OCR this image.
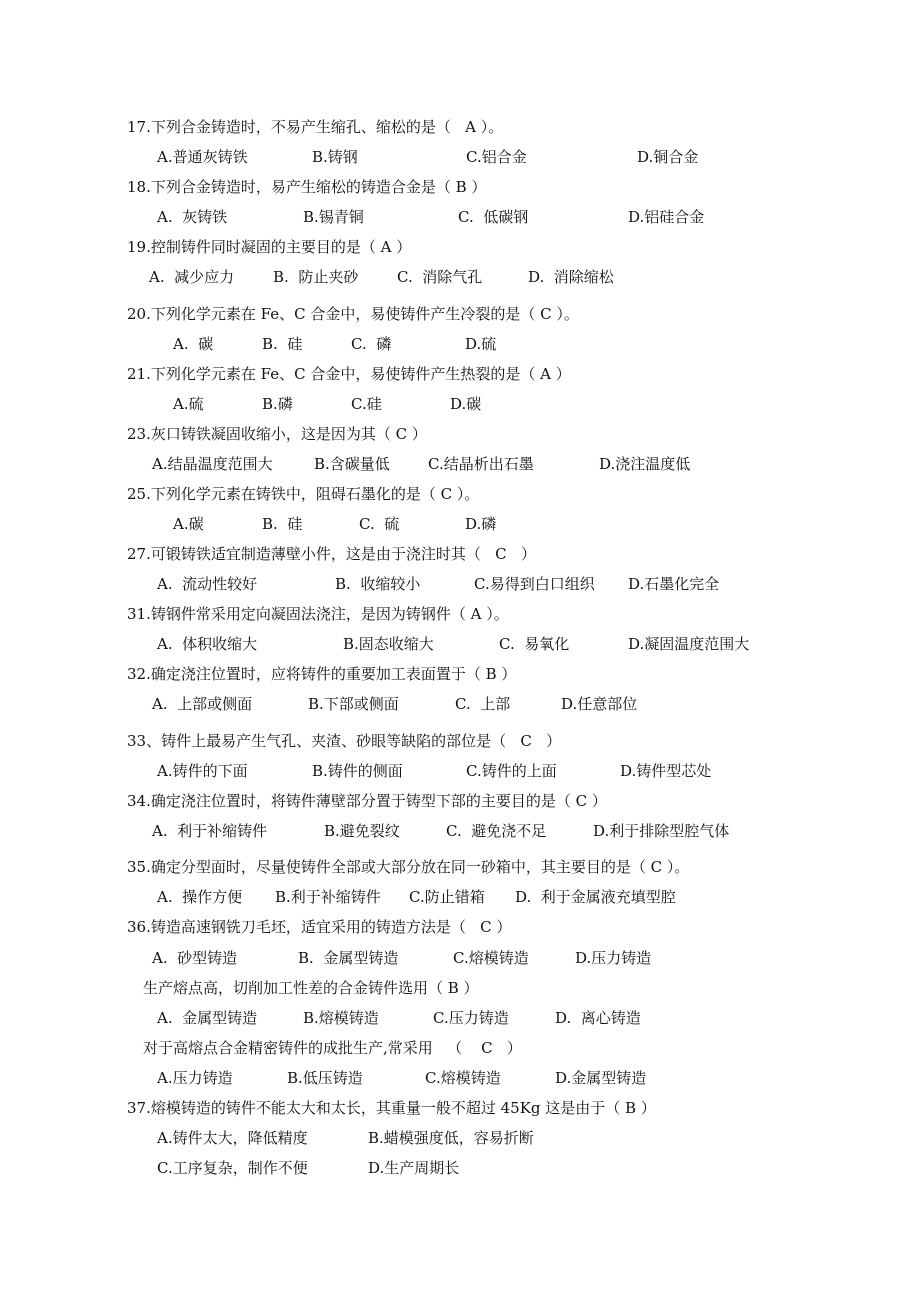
17.下列合金铸造时，不易产生缩孔、缩松的是（   A ）。
A.普通灰铸铁	B.铸钢	C.铝合金	D.铜合金
18.下列合金铸造时，易产生缩松的铸造合金是（ B ）
A.  灰铸铁	B.锡青铜	C.  低碳钢	D.铝硅合金
19.控制铸件同时凝固的主要目的是（ A ）
A.  减少应力	B.  防止夹砂	C.  消除气孔	D.  消除缩松
20.下列化学元素在 Fe、C 合金中，易使铸件产生冷裂的是（ C ）。
A.  碳	B.  硅	C.  磷	D.硫
21.下列化学元素在 Fe、C 合金中，易使铸件产生热裂的是（ A ）
A.硫	B.磷	C.硅	D.碳
23.灰口铸铁凝固收缩小，这是因为其（ C ）
A.结晶温度范围大	B.含碳量低	C.结晶析出石墨	D.浇注温度低
25.下列化学元素在铸铁中，阻碍石墨化的是（ C ）。
A.碳	B.  硅	C.  硫	D.磷
27.可锻铸铁适宜制造薄壁小件，这是由于浇注时其（   C   ）
A.  流动性较好	B.  收缩较小	C.易得到白口组织 D.石墨化完全
31.铸钢件常采用定向凝固法浇注，是因为铸钢件（ A ）。
A.  体积收缩大	B.固态收缩大	C.  易氧化	D.凝固温度范围大
32.确定浇注位置时，应将铸件的重要加工表面置于（ B ）
A.  上部或侧面	B.下部或侧面	C.  上部	D.任意部位
33、铸件上最易产生气孔、夹渣、砂眼等缺陷的部位是（   C   ）
A.铸件的下面	B.铸件的侧面	C.铸件的上面	D.铸件型芯处
34.确定浇注位置时，将铸件薄壁部分置于铸型下部的主要目的是（ C ）
A.  利于补缩铸件	B.避免裂纹	C.  避免浇不足	D.利于排除型腔气体
35.确定分型面时，尽量使铸件全部或大部分放在同一砂箱中，其主要目的是（ C ）。
A.  操作方便 B.利于补缩铸件 C.防止错箱 D.  利于金属液充填型腔
36.铸造高速钢铣刀毛坯，适宜采用的铸造方法是（   C ）
A.  砂型铸造	B.  金属型铸造	C.熔模铸造	D.压力铸造
生产熔点高，切削加工性差的合金铸件选用（ B ）
A.  金属型铸造	B.熔模铸造	C.压力铸造	D.  离心铸造
对于高熔点合金精密铸件的成批生产,常采用   （    C   ）
A.压力铸造	B.低压铸造	C.熔模铸造	D.金属型铸造
37.熔模铸造的铸件不能太大和太长，其重量一般不超过 45Kg 这是由于（ B ）
A.铸件太大，降低精度	B.蜡模强度低，容易折断
C.工序复杂，制作不便	D.生产周期长
